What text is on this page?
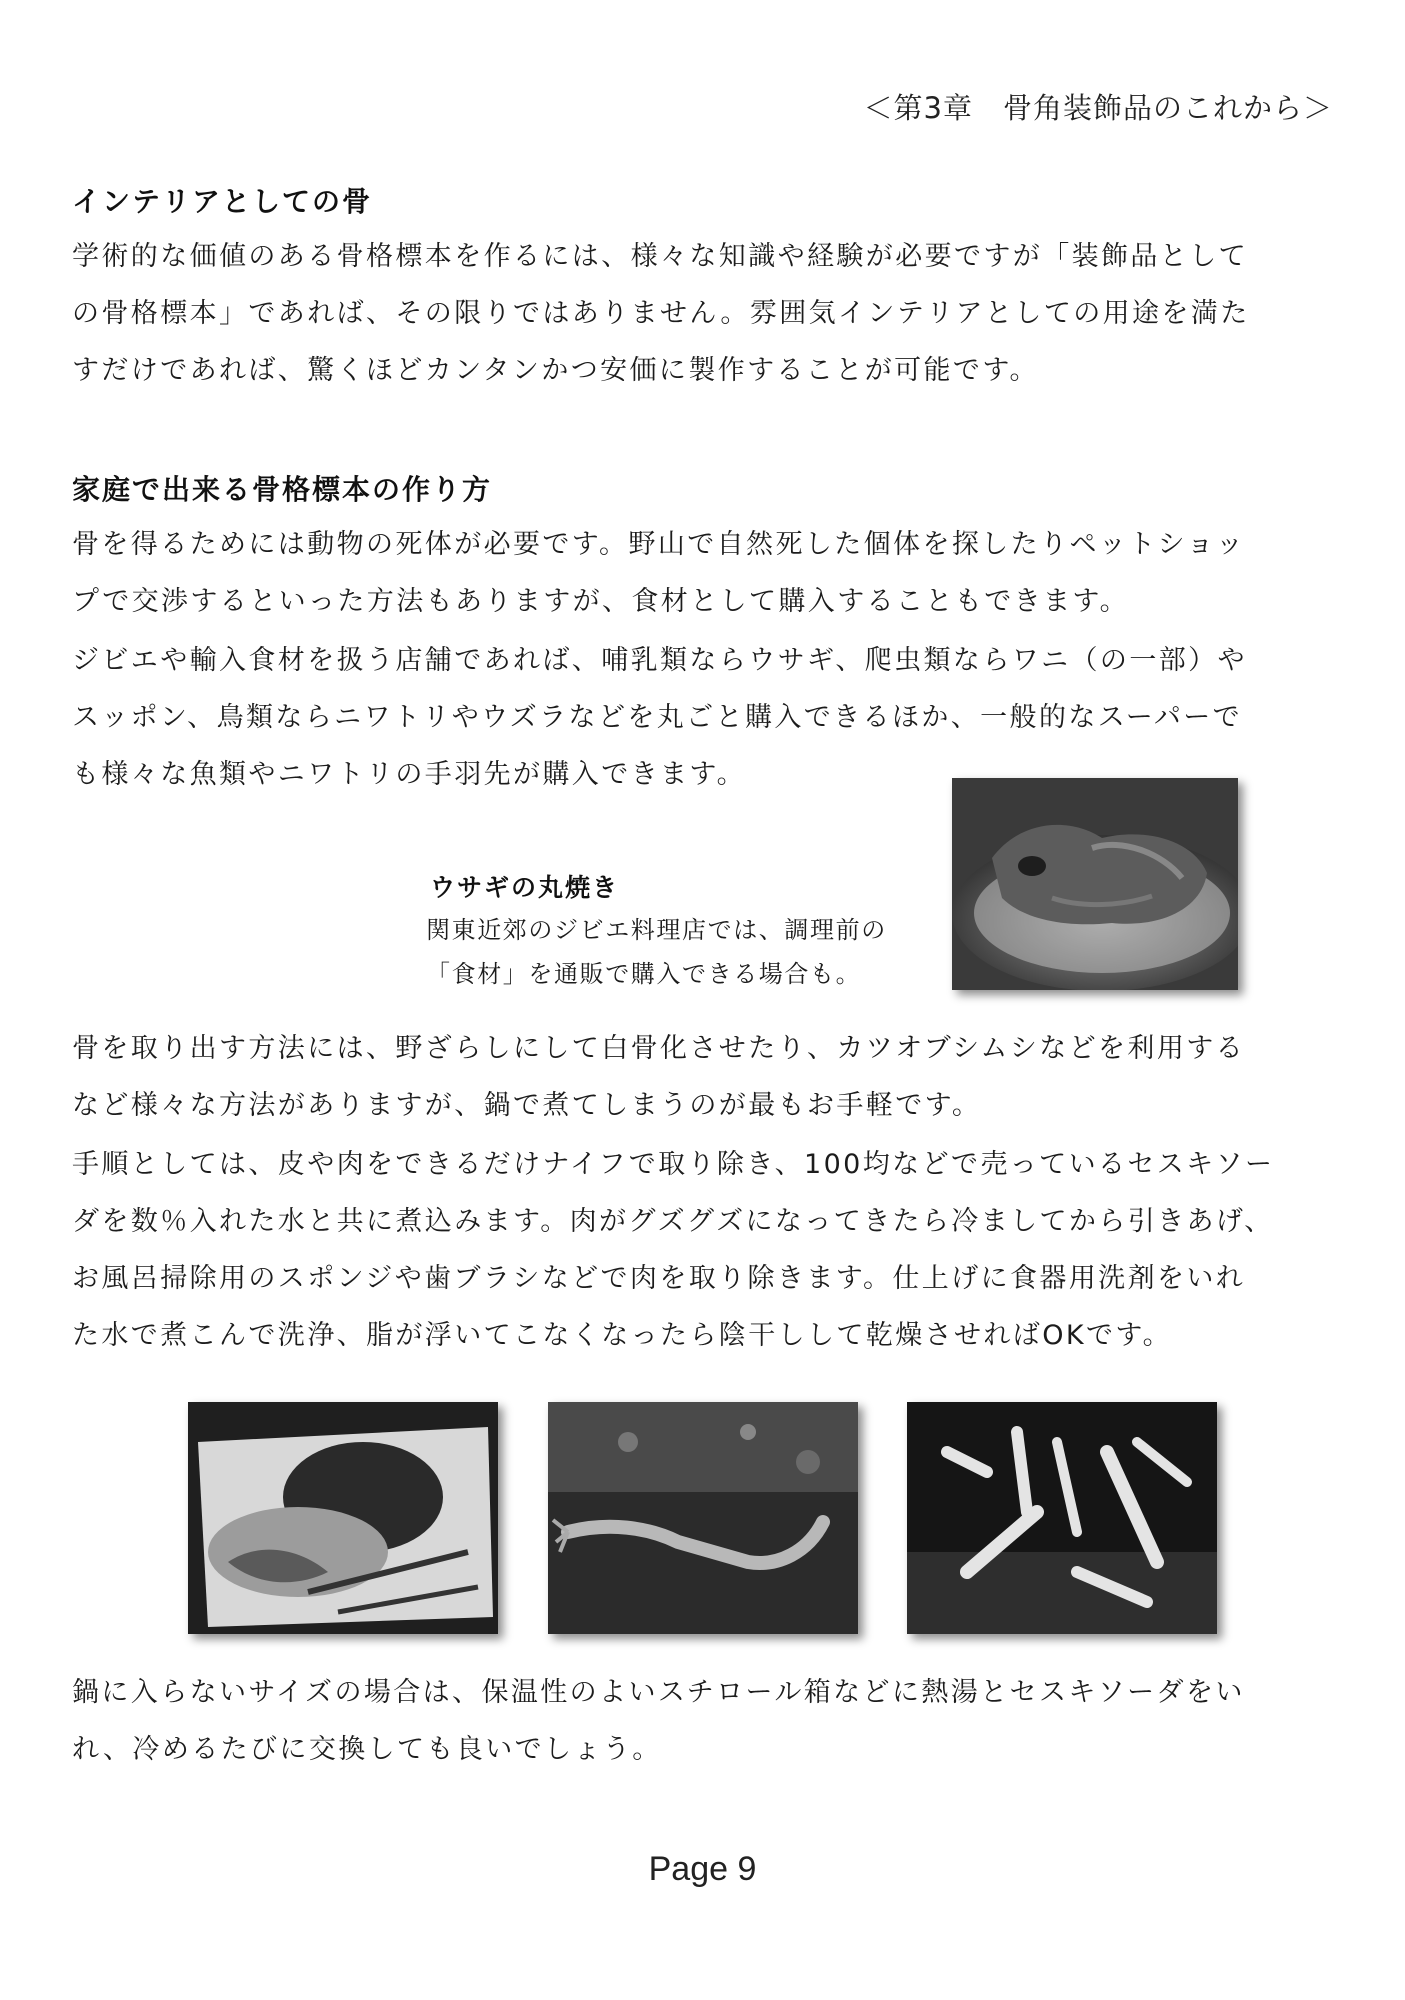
＜第3章　骨角装飾品のこれから＞
インテリアとしての骨
学術的な価値のある骨格標本を作るには、様々な知識や経験が必要ですが「装飾品として
の骨格標本」であれば、その限りではありません。雰囲気インテリアとしての用途を満た
すだけであれば、驚くほどカンタンかつ安価に製作することが可能です。
家庭で出来る骨格標本の作り方
骨を得るためには動物の死体が必要です。野山で自然死した個体を探したりペットショッ
プで交渉するといった方法もありますが、食材として購入することもできます。
ジビエや輸入食材を扱う店舗であれば、哺乳類ならウサギ、爬虫類ならワニ（の一部）や
スッポン、鳥類ならニワトリやウズラなどを丸ごと購入できるほか、一般的なスーパーで
も様々な魚類やニワトリの手羽先が購入できます。
ウサギの丸焼き
関東近郊のジビエ料理店では、調理前の
「食材」を通販で購入できる場合も。
骨を取り出す方法には、野ざらしにして白骨化させたり、カツオブシムシなどを利用する
など様々な方法がありますが、鍋で煮てしまうのが最もお手軽です。
手順としては、皮や肉をできるだけナイフで取り除き、100均などで売っているセスキソー
ダを数％入れた水と共に煮込みます。肉がグズグズになってきたら冷ましてから引きあげ、
お風呂掃除用のスポンジや歯ブラシなどで肉を取り除きます。仕上げに食器用洗剤をいれ
た水で煮こんで洗浄、脂が浮いてこなくなったら陰干しして乾燥させればOKです。
鍋に入らないサイズの場合は、保温性のよいスチロール箱などに熱湯とセスキソーダをい
れ、冷めるたびに交換しても良いでしょう。
Page 9
